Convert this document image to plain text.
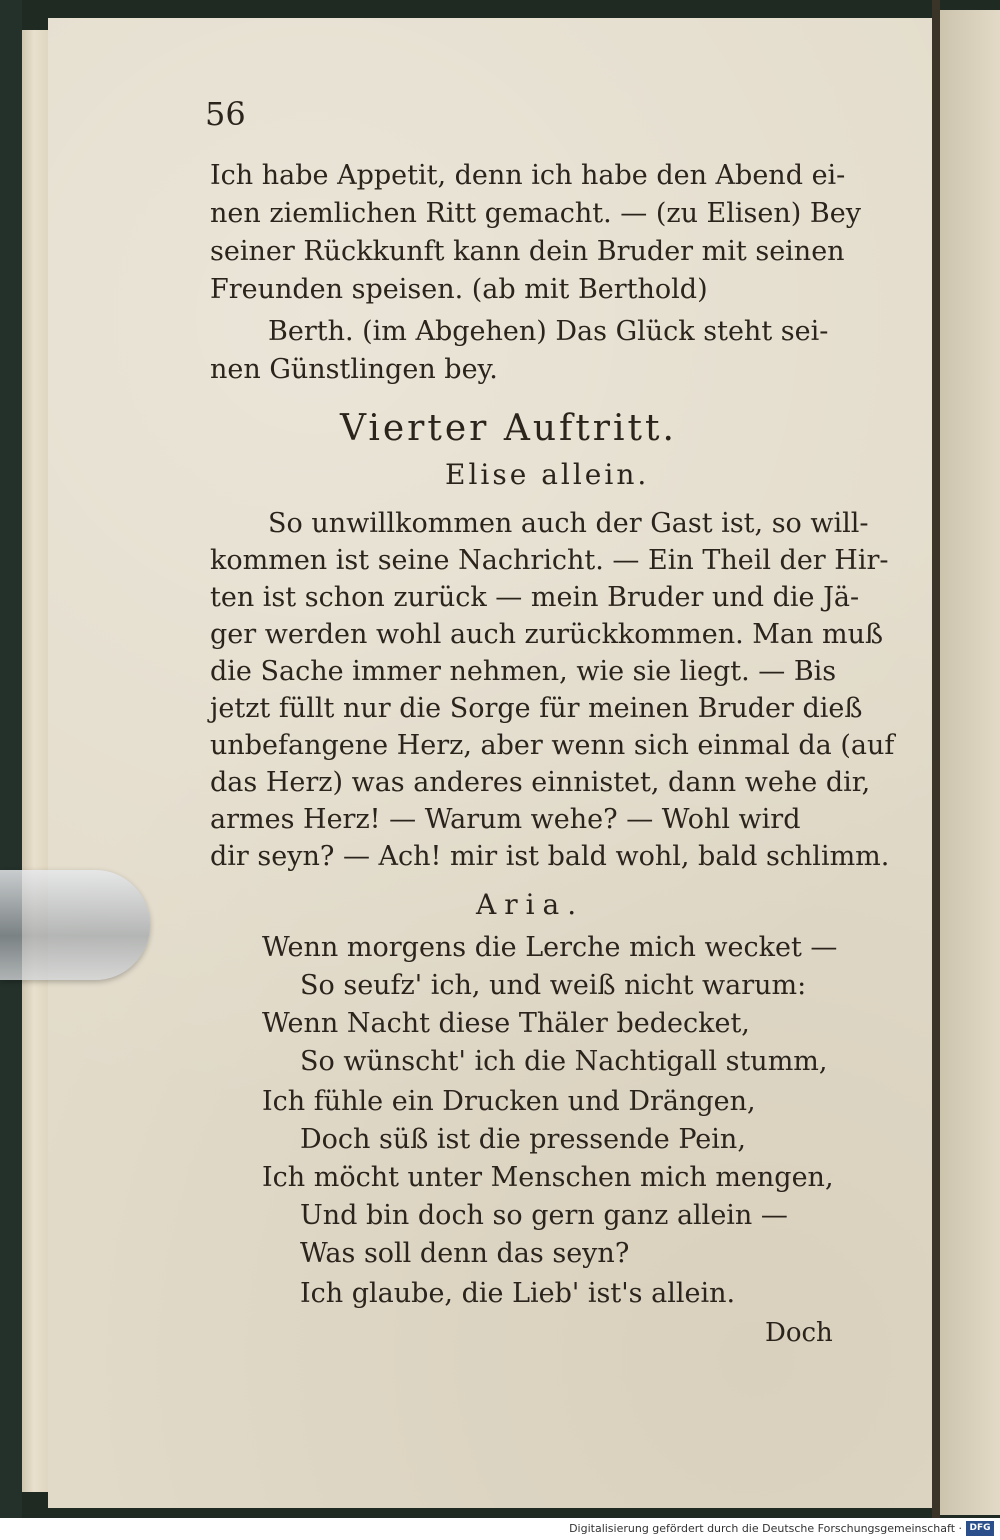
56
Ich habe Appetit, denn ich habe den Abend ei-
nen ziemlichen Ritt gemacht. — (zu Elisen) Bey
seiner Rückkunft kann dein Bruder mit seinen
Freunden speisen. (ab mit Berthold)
Berth. (im Abgehen) Das Glück steht sei-
nen Günstlingen bey.
Vierter Auftritt.
Elise allein.
So unwillkommen auch der Gast ist, so will-
kommen ist seine Nachricht. — Ein Theil der Hir-
ten ist schon zurück — mein Bruder und die Jä-
ger werden wohl auch zurückkommen. Man muß
die Sache immer nehmen, wie sie liegt. — Bis
jetzt füllt nur die Sorge für meinen Bruder dieß
unbefangene Herz, aber wenn sich einmal da (auf
das Herz) was anderes einnistet, dann wehe dir,
armes Herz! — Warum wehe? — Wohl wird
dir seyn? — Ach! mir ist bald wohl, bald schlimm.
Aria.
Wenn morgens die Lerche mich wecket —
So seufz' ich, und weiß nicht warum:
Wenn Nacht diese Thäler bedecket,
So wünscht' ich die Nachtigall stumm,
Ich fühle ein Drucken und Drängen,
Doch süß ist die pressende Pein,
Ich möcht unter Menschen mich mengen,
Und bin doch so gern ganz allein —
Was soll denn das seyn?
Ich glaube, die Lieb' ist's allein.
Doch
Digitalisierung gefördert durch die Deutsche Forschungsgemeinschaft · DFG
